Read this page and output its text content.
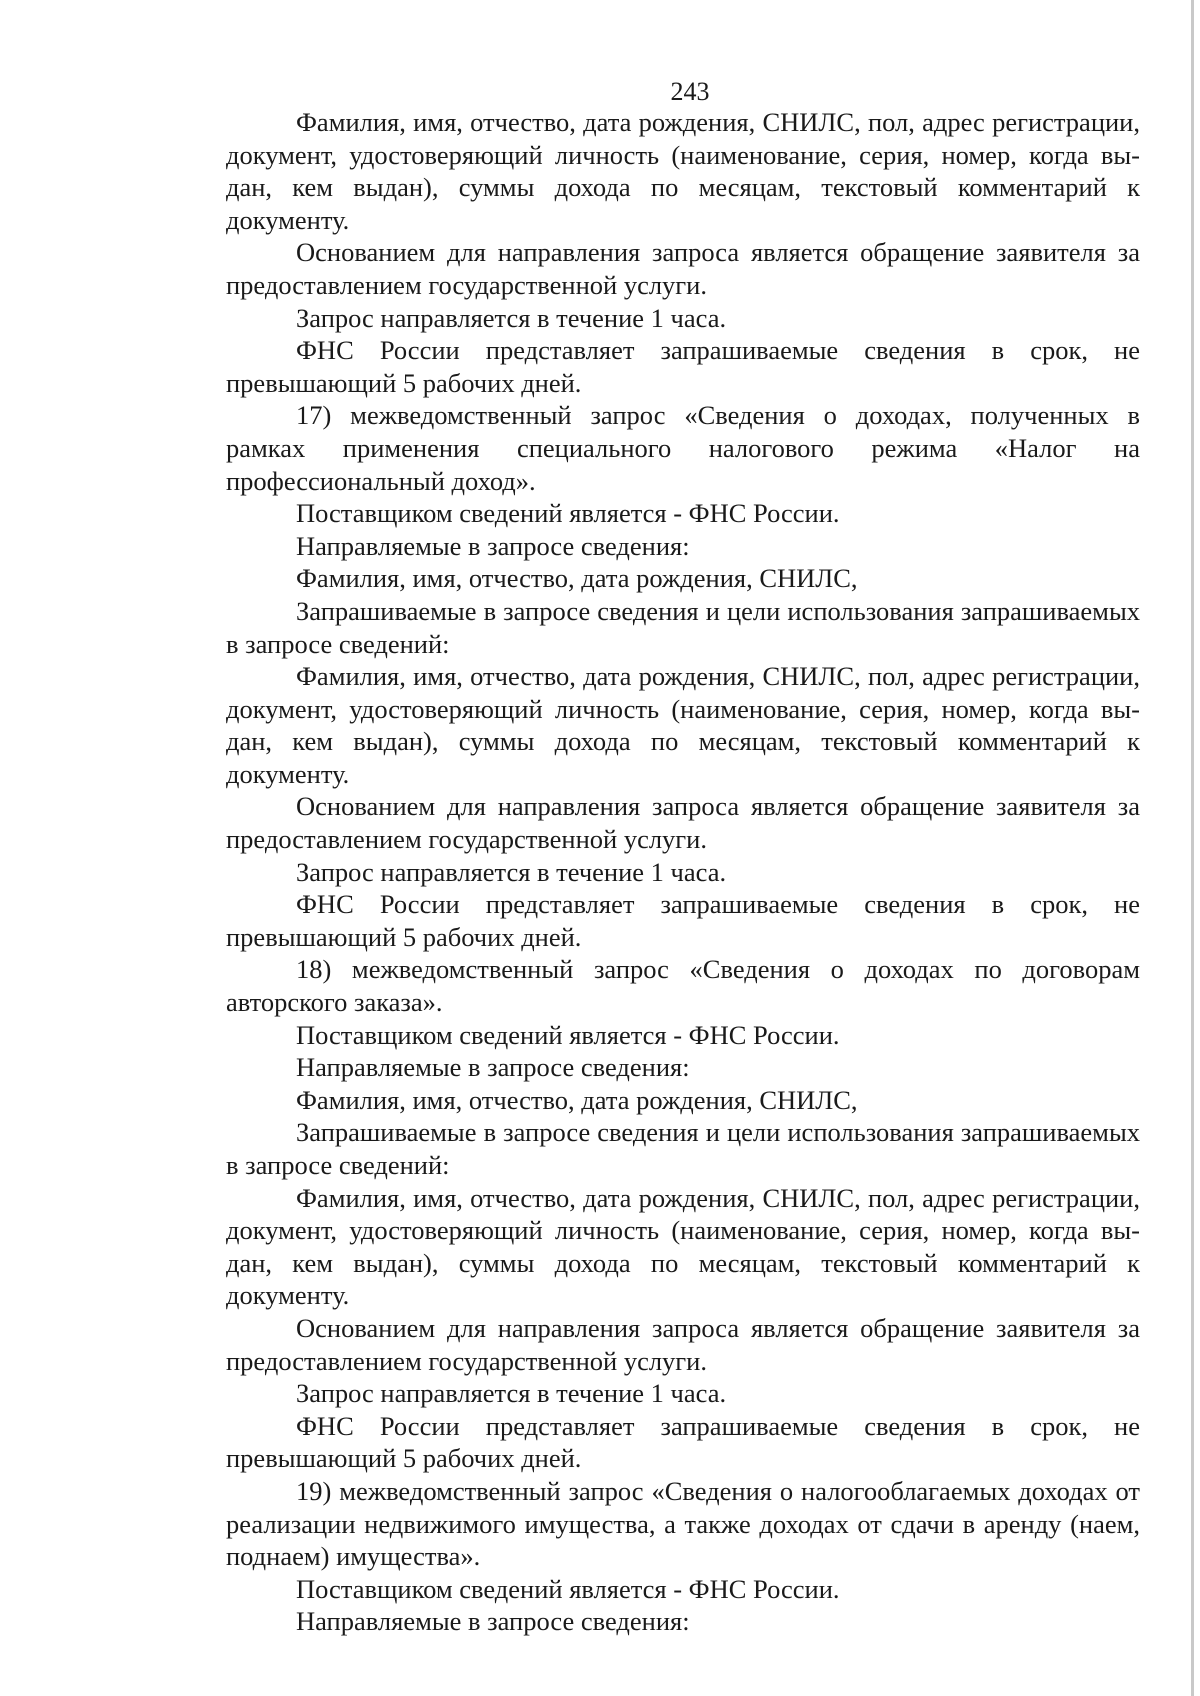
243

Фамилия, имя, отчество, дата рождения, СНИЛС, пол, адрес регистрации, документ, удостоверяющий личность (наименование, серия, номер, когда вы-дан, кем выдан), суммы дохода по месяцам, текстовый комментарий к документу.

Основанием для направления запроса является обращение заявителя за предоставлением государственной услуги.

Запрос направляется в течение 1 часа.

ФНС России представляет запрашиваемые сведения в срок, не превышающий 5 рабочих дней.

17) межведомственный запрос «Сведения о доходах, полученных в рамках применения специального налогового режима «Налог на профессиональный доход».

Поставщиком сведений является - ФНС России.

Направляемые в запросе сведения:

Фамилия, имя, отчество, дата рождения, СНИЛС,

Запрашиваемые в запросе сведения и цели использования запрашиваемых в запросе сведений:

Фамилия, имя, отчество, дата рождения, СНИЛС, пол, адрес регистрации, документ, удостоверяющий личность (наименование, серия, номер, когда вы-дан, кем выдан), суммы дохода по месяцам, текстовый комментарий к документу.

Основанием для направления запроса является обращение заявителя за предоставлением государственной услуги.

Запрос направляется в течение 1 часа.

ФНС России представляет запрашиваемые сведения в срок, не превышающий 5 рабочих дней.

18) межведомственный запрос «Сведения о доходах по договорам авторского заказа».

Поставщиком сведений является - ФНС России.

Направляемые в запросе сведения:

Фамилия, имя, отчество, дата рождения, СНИЛС,

Запрашиваемые в запросе сведения и цели использования запрашиваемых в запросе сведений:

Фамилия, имя, отчество, дата рождения, СНИЛС, пол, адрес регистрации, документ, удостоверяющий личность (наименование, серия, номер, когда вы-дан, кем выдан), суммы дохода по месяцам, текстовый комментарий к документу.

Основанием для направления запроса является обращение заявителя за предоставлением государственной услуги.

Запрос направляется в течение 1 часа.

ФНС России представляет запрашиваемые сведения в срок, не превышающий 5 рабочих дней.

19) межведомственный запрос «Сведения о налогооблагаемых доходах от реализации недвижимого имущества, а также доходах от сдачи в аренду (наем, поднаем) имущества».

Поставщиком сведений является - ФНС России.

Направляемые в запросе сведения:
